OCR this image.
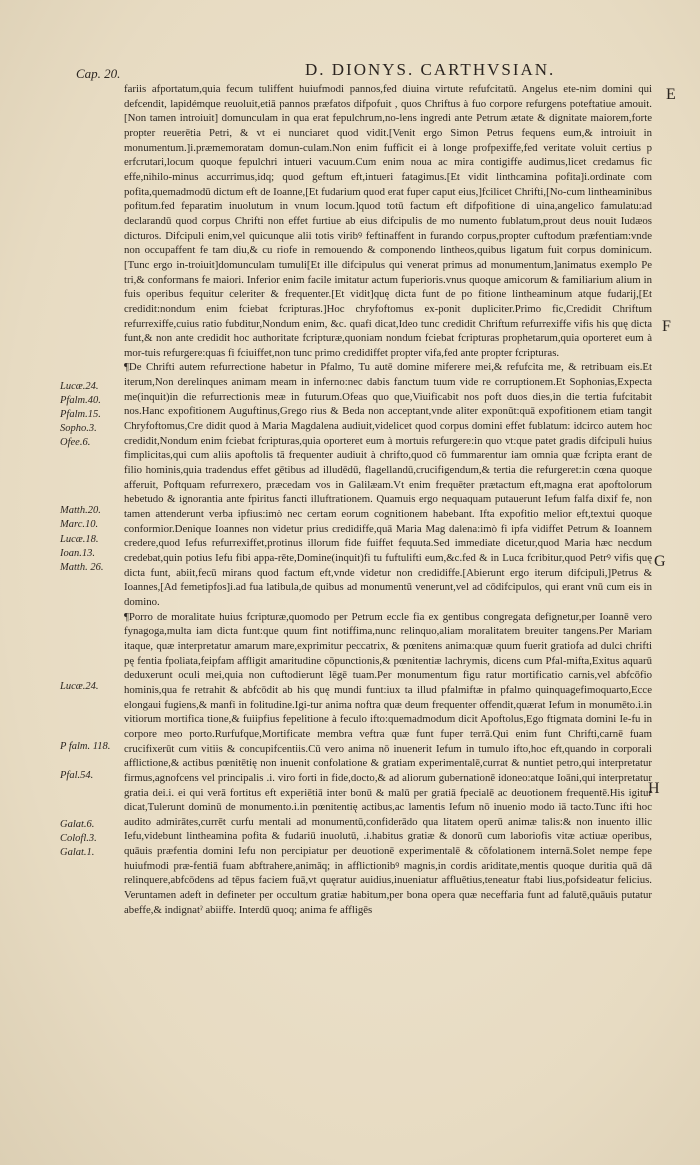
Cap. 20.	D. DIONYS. CARTHVSIAN.
Lucæ.24.
Pfalm.40.
Pfalm.15.
Sopho.3.
Ofee.6.
Matth.20.
Marc.10.
Lucæ.18.
Ioan.13.
Matth. 26.
Lucæ.24.
P falm. 118.
Pfal.54.
Galat.6.
Colofl.3.
Galat.1.

fariis afportatum,quia fecum tuliffent huiufmodi pannos,fed diuina virtute refufcitatū. Angelus ete-nim domini qui defcendit, lapidémque reuoluit,etiā pannos præfatos difpofuit , quos Chriftus à fuo corpore refurgens poteftatiue amouit.[Non tamen introiuit] domunculam in qua erat fepulchrum,no-lens ingredi ante Petrum ætate & dignitate maiorem,forte propter reuerētia Petri, & vt ei nunciaret quod vidit.[Venit ergo Simon Petrus fequens eum,& introiuit in monumentum.]i.præmemoratam domun-culam.Non enim fufficit ei à longe profpexiffe,fed veritate voluit certius p erfcrutari,locum quoque fepulchri intueri vacuum.Cum enim noua ac mira contigiffe audimus,licet credamus fic effe,nihilo-minus accurrimus,idq; quod geftum eft,intueri fatagimus.[Et vidit linthcamina pofita]i.ordinate com pofita,quemadmodū dictum eft de Ioanne,[Et fudarium quod erat fuper caput eius,]fcilicet Chrifti,[No-cum lintheaminibus pofitum.fed feparatim inuolutum in vnum locum.]quod totū factum eft difpofitione di uina,angelico famulatu:ad declarandū quod corpus Chrifti non effet furtiue ab eius difcipulis de mo numento fublatum,prout deus nouit Iudæos dicturos. Difcipuli enim,vel quicunque alii totis viribꝰ feftinaffent in furando corpus,propter cuftodum præfentiam:vnde non occupaffent fe tam diu,& cu riofe in remouendo & componendo lintheos,quibus ligatum fuit corpus dominicum. [Tunc ergo in-troiuit]domunculam tumuli[Et ille difcipulus qui venerat primus ad monumentum,]animatus exemplo Pe tri,& conformans fe maiori. Inferior enim facile imitatur actum fuperioris.vnus quoque amicorum & familiarium alium in fuis operibus fequitur celeriter & frequenter.[Et vidit]quę dicta funt de po fitione lintheaminum atque fudarij,[Et credidit:nondum enim fciebat fcripturas.]Hoc chryfoftomus ex-ponit dupliciter.Primo fic,Credidit Chriftum refurrexiffe,cuius ratio fubditur,Nondum enim, &c. quafi dicat,Ideo tunc credidit Chriftum refurrexiffe vifis his quę dicta funt,& non ante credidit hoc authoritate fcripturæ,quoniam nondum fciebat fcripturas prophetarum,quia oporteret eum à mor-tuis refurgere:quas fi fciuiffet,non tunc primo credidiffet propter vifa,fed ante propter fcripturas.

¶De Chrifti autem refurrectione habetur in Pfalmo, Tu autē domine miferere mei,& refufcita me, & retribuam eis.Et iterum,Non derelinques animam meam in inferno:nec dabis fanctum tuum vide re corruptionem.Et Sophonias,Expecta me(inquit)in die refurrectionis meæ in futurum.Ofeas quo que,Viuificabit nos poft duos dies,in die tertia fufcitabit nos.Hanc expofitionem Auguftinus,Grego rius & Beda non acceptant,vnde aliter exponūt:quā expofitionem etiam tangit Chryfoftomus,Cre didit quod à Maria Magdalena audiuit,videlicet quod corpus domini effet fublatum: idcirco autem hoc credidit,Nondum enim fciebat fcripturas,quia oporteret eum à mortuis refurgere:in quo vt:que patet gradis difcipuli huius fimplicitas,qui cum aliis apoftolis tā frequenter audiuit à chrifto,quod cō fummarentur iam omnia quæ fcripta erant de filio hominis,quia tradendus effet gētibus ad illudēdū, flagellandū,crucifigendum,& tertia die refurgeret:in cœna quoque afferuit, Poftquam refurrexero, præcedam vos in Galilæam.Vt enim frequēter prætactum eft,magna erat apoftolorum hebetudo & ignorantia ante fpiritus fancti illuftrationem. Quamuis ergo nequaquam putauerunt Iefum falfa dixif fe, non tamen attenderunt verba ipfius:imò nec certam eorum cognitionem habebant. Ifta expofitio melior eft,textui quoque conformior.Denique Ioannes non videtur prius credidiffe,quā Maria Mag dalena:imò fi ipfa vidiffet Petrum & Ioannem credere,quod Iefus refurrexiffet,protinus illorum fide fuiffet fequuta.Sed immediate dicetur,quod Maria hæc necdum credebat,quin potius Iefu fibi appa-rēte,Domine(inquit)fi tu fuftulifti eum,&c.fed & in Luca fcribitur,quod Petrꝰ vifis quę dicta funt, abiit,fecū mirans quod factum eft,vnde videtur non credidiffe.[Abierunt ergo iterum difcipuli,]Petrus & Ioannes,[Ad femetipfos]i.ad fua latibula,de quibus ad monumentū venerunt,vel ad cōdifcipulos, qui erant vnū cum eis in domino.

¶Porro de moralitate huius fcripturæ,quomodo per Petrum eccle fia ex gentibus congregata defignetur,per Ioannē vero fynagoga,multa iam dicta funt:que quum fint notiffima,nunc relinquo,aliam moralitatem breuiter tangens.Per Mariam itaque, quæ interpretatur amarum mare,exprimitur peccatrix, & pœnitens anima:quæ quum fuerit gratiofa ad dulci chrifti pę fentia fpoliata,feipfam affligit amaritudine cōpunctionis,& pœnitentiæ lachrymis, dicens cum Pfal-mifta,Exitus aquarū deduxerunt oculi mei,quia non cuftodierunt lēgē tuam.Per monumentum figu ratur mortificatio carnis,vel abfcōfio hominis,qua fe retrahit & abfcōdit ab his quę mundi funt:iux ta illud pfalmiftæ in pfalmo quinquagefimoquarto,Ecce elongaui fugiens,& manfi in folitudine.Igi-tur anima noftra quæ deum frequenter offendit,quærat Iefum in monumēto.i.in vitiorum mortifica tione,& fuiipfius fepelitione à feculo ifto:quemadmodum dicit Apoftolus,Ego ftigmata domini Ie-fu in corpore meo porto.Rurfufque,Mortificate membra veftra quæ funt fuper terrā.Qui enim funt Chrifti,carnē fuam crucifixerūt cum vitiis & concupifcentiis.Cū vero anima nō inuenerit Iefum in tumulo ifto,hoc eft,quando in corporali afflictione,& actibus pœnitētię non inuenit confolatione & gratiam experimentalē,currat & nuntiet petro,qui interpretatur firmus,agnofcens vel principalis .i. viro forti in fide,docto,& ad aliorum gubernationē idoneo:atque Ioāni,qui interpretatur gratia dei.i. ei qui verā fortitus eft experiētiā inter bonū & malū per gratiā fpecialē ac deuotionem frequentē.His igitur dicat,Tulerunt dominū de monumento.i.in pœnitentię actibus,ac lamentis Iefum nō inuenio modo iā tacto.Tunc ifti hoc audito admirātes,currēt curfu mentali ad monumentū,confiderādo qua litatem operū animæ talis:& non inuento illic Iefu,videbunt lintheamina pofita & fudariū inuolutū, .i.habitus gratiæ & donorū cum laboriofis vitæ actiuæ operibus, quāuis præfentia domini Iefu non percipiatur per deuotionē experimentalē & cōfolationem internā.Solet nempe fepe huiufmodi præ-fentiā fuam abftrahere,animāq; in afflictionibꝰ magnis,in cordis ariditate,mentis quoque duritia quā dā relinquere,abfcōdens ad tēpus faciem fuā,vt quęratur auidius,inueniatur affluētius,teneatur ftabi lius,pofsideatur felicius. Veruntamen adeft in defineter per occultum gratiæ habitum,per bona opera quæ neceffaria funt ad falutē,quāuis putatur abeffe,& indignatˀ abiiffe. Interdū quoq; anima fe affligēs

E
F
G
H
